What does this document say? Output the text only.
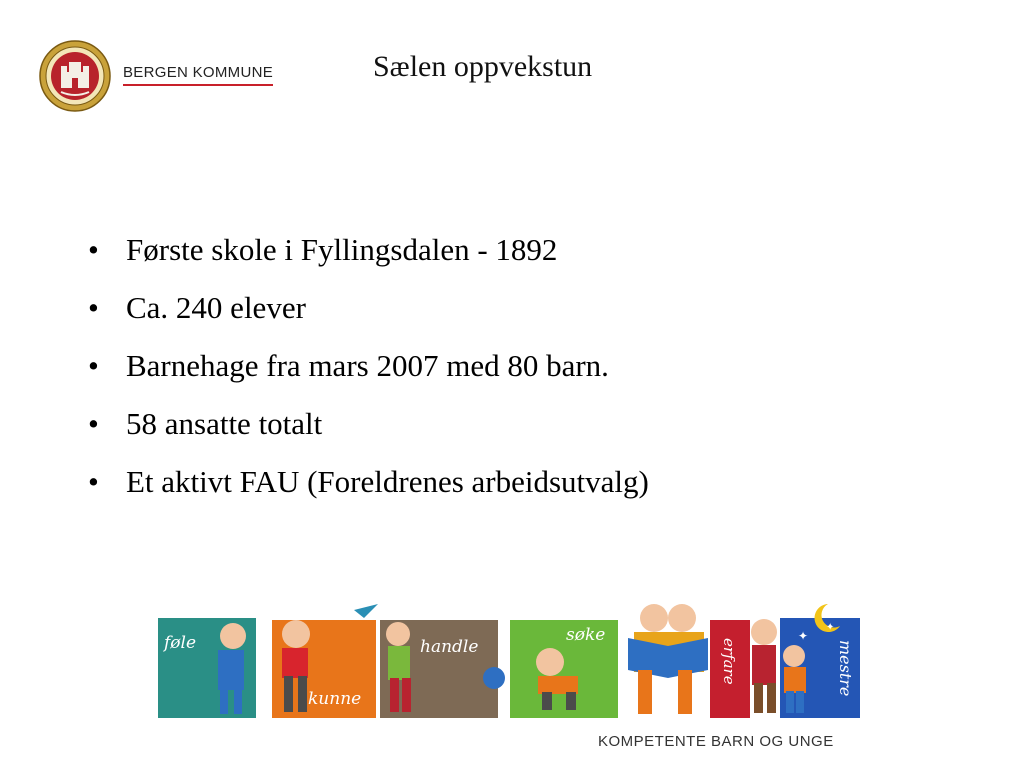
BERGEN KOMMUNE	Sælen oppvekstun
• Første skole i Fyllingsdalen - 1892
• Ca. 240 elever
• Barnehage fra mars 2007 med 80 barn.
• 58 ansatte totalt
• Et aktivt FAU (Foreldrenes arbeidsutvalg)
føle
kunne
handle
søke
erfare
✦
✦
mestre
KOMPETENTE BARN OG UNGE
